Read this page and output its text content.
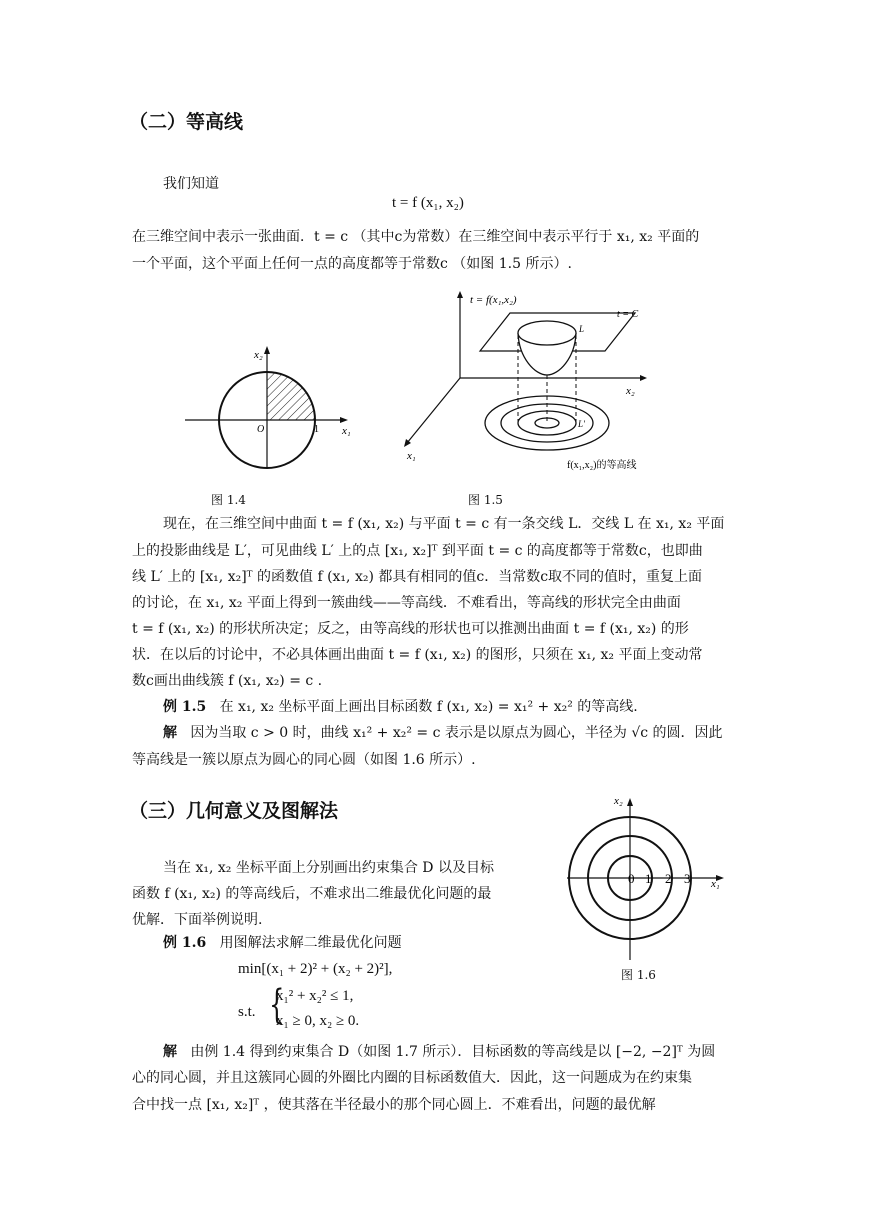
（二）等高线
我们知道
t = f (x₁, x₂)
在三维空间中表示一张曲面．t = c （其中c为常数）在三维空间中表示平行于 x₁, x₂ 平面的
一个平面，这个平面上任何一点的高度都等于常数c （如图 1.5 所示）.
x₂
x₁
O	1
图 1.4
t = f(x₁,x₂)
t = C
L
L′
x₂
x₁
f(x₁,x₂)的等高线
图 1.5
现在，在三维空间中曲面 t = f (x₁, x₂) 与平面 t = c 有一条交线 L．交线 L 在 x₁, x₂ 平面
上的投影曲线是 L′，可见曲线 L′ 上的点 [x₁, x₂]ᵀ 到平面 t = c 的高度都等于常数c，也即曲
线 L′ 上的 [x₁, x₂]ᵀ 的函数值 f (x₁, x₂) 都具有相同的值c．当常数c取不同的值时，重复上面
的讨论，在 x₁, x₂ 平面上得到一簇曲线——等高线．不难看出，等高线的形状完全由曲面
t = f (x₁, x₂) 的形状所决定；反之，由等高线的形状也可以推测出曲面 t = f (x₁, x₂) 的形
状．在以后的讨论中，不必具体画出曲面 t = f (x₁, x₂) 的图形，只须在 x₁, x₂ 平面上变动常
数c画出曲线簇 f (x₁, x₂) = c .
例 1.5 在 x₁, x₂ 坐标平面上画出目标函数 f (x₁, x₂) = x₁² + x₂² 的等高线.
解 因为当取 c > 0 时，曲线 x₁² + x₂² = c 表示是以原点为圆心，半径为 √c 的圆．因此
等高线是一簇以原点为圆心的同心圆（如图 1.6 所示）.
（三）几何意义及图解法
当在 x₁, x₂ 坐标平面上分别画出约束集合 D 以及目标
函数 f (x₁, x₂) 的等高线后，不难求出二维最优化问题的最
优解．下面举例说明.
例 1.6 用图解法求解二维最优化问题
min[(x₁ + 2)² + (x₂ + 2)²],
s.t. {
x₁² + x₂² ≤ 1,
x₁ ≥ 0, x₂ ≥ 0.
x₂
x₁
0 1 2 3
图 1.6
解 由例 1.4 得到约束集合 D（如图 1.7 所示）．目标函数的等高线是以 [−2, −2]ᵀ 为圆
心的同心圆，并且这簇同心圆的外圈比内圈的目标函数值大．因此，这一问题成为在约束集
合中找一点 [x₁, x₂]ᵀ ，使其落在半径最小的那个同心圆上．不难看出，问题的最优解
